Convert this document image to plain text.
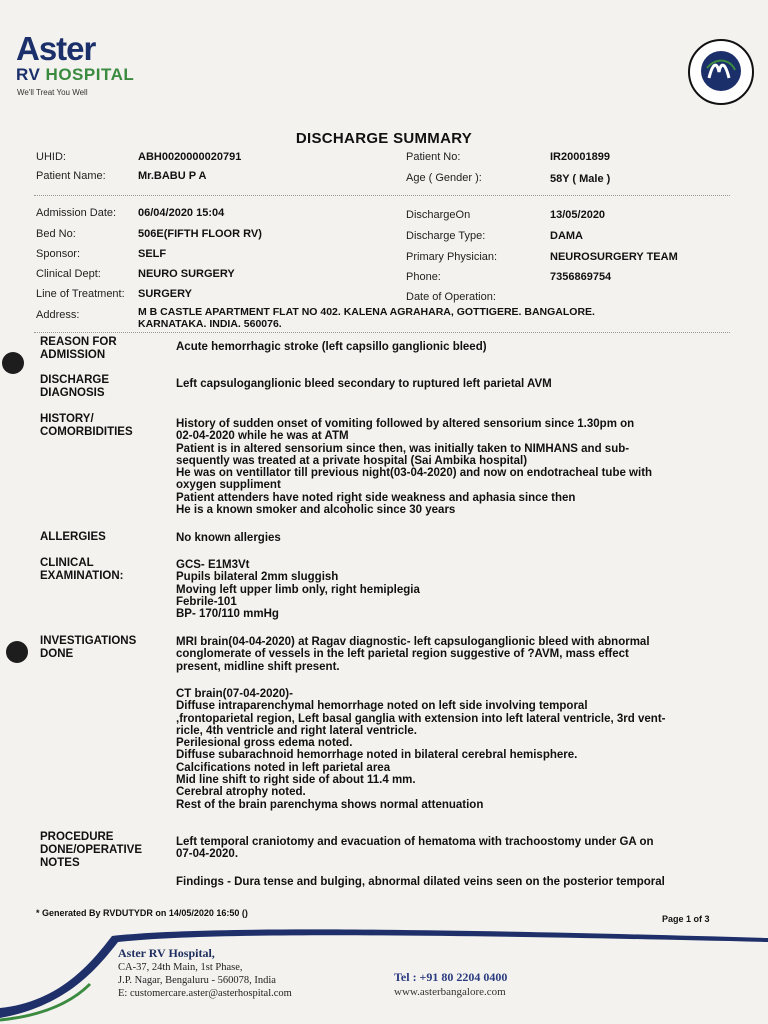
Aster
RV HOSPITAL
We'll Treat You Well
DISCHARGE SUMMARY
UHID:	ABH0020000020791	Patient No:	IR20001899
Patient Name:	Mr.BABU P A	Age ( Gender ):	58Y ( Male )
Admission Date: 06/04/2020 15:04	DischargeOn	13/05/2020
Bed No:	506E(FIFTH FLOOR RV)	Discharge Type:	DAMA
Sponsor:	SELF	Primary Physician:	NEUROSURGERY TEAM
Clinical Dept:	NEURO SURGERY	Phone:	7356869754
Line of Treatment: SURGERY	Date of Operation:
Address:	M B CASTLE APARTMENT FLAT NO 402. KALENA AGRAHARA, GOTTIGERE. BANGALORE.
KARNATAKA. INDIA. 560076.
REASON FOR
ADMISSION
Acute hemorrhagic stroke (left capsillo ganglionic bleed)
DISCHARGE
DIAGNOSIS
Left capsuloganglionic bleed secondary to ruptured left parietal AVM
HISTORY/
COMORBIDITIES

History of sudden onset of vomiting followed by altered sensorium since 1.30pm on

02-04-2020 while he was at ATM

Patient is in altered sensorium since then, was initially taken to NIMHANS and sub-

sequently was treated at a private hospital (Sai Ambika hospital)

He was on ventillator till previous night(03-04-2020) and now on endotracheal tube with

oxygen suppliment

Patient attenders have noted right side weakness and aphasia since then

He is a known smoker and alcoholic since 30 years

ALLERGIES	No known allergies
CLINICAL
EXAMINATION:

GCS- E1M3Vt

Pupils bilateral 2mm sluggish

Moving left upper limb only, right hemiplegia

Febrile-101

BP- 170/110 mmHg

INVESTIGATIONS
DONE

MRI brain(04-04-2020) at Ragav diagnostic- left capsuloganglionic bleed with abnormal

conglomerate of vessels in the left parietal region suggestive of ?AVM, mass effect

present, midline shift present.

CT brain(07-04-2020)-

Diffuse intraparenchymal hemorrhage noted on left side involving temporal

,frontoparietal region, Left basal ganglia with extension into left lateral ventricle, 3rd vent-

ricle, 4th ventricle and right lateral ventricle.

Perilesional gross edema noted.

Diffuse subarachnoid hemorrhage noted in bilateral cerebral hemisphere.

Calcifications noted in left parietal area

Mid line shift to right side of about 11.4 mm.

Cerebral atrophy noted.

Rest of the brain parenchyma shows normal attenuation

PROCEDURE
DONE/OPERATIVE
NOTES

Left temporal craniotomy and evacuation of hematoma with trachoostomy under GA on

07-04-2020.

Findings - Dura tense and bulging, abnormal dilated veins seen on the posterior temporal
* Generated By RVDUTYDR on 14/05/2020 16:50 ()
Page 1 of 3
Aster RV Hospital,
CA-37, 24th Main, 1st Phase,
J.P. Nagar, Bengaluru - 560078, India
E: customercare.aster@asterhospital.com
Tel : +91 80 2204 0400
www.asterbangalore.com
